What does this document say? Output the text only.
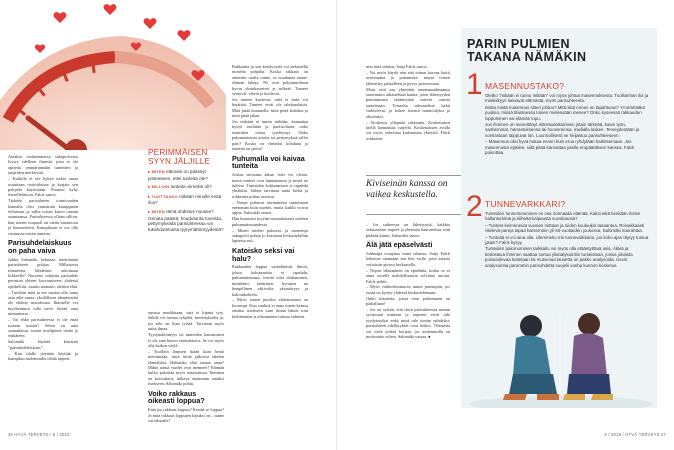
Ainakin vanhemmassa sukupolvessa löytyy edelleen ihmisiä, joita ei ole opitettu ymmärtämään tunteiden ja tarpeiden merkitystä.

– Kaikilla ei ole kykyä tutkia omaa osuuttaan ristiriidoissa ja korjata sen pohjalta käytöstään. Puuttuu kyky itsereflektioon, Falck sanoo.

Tärkeää parisuhteen toimivuuden kannalta olisi ymmärtää kumppanin erilaisuus ja sallia toisen kasvu omaan suuntaansa. Parisuhteessa ollaan silloin, kun toinen osapuoli on otettu huomioon ja kunnioitettu. Kumpikaan ei voi olla vastuussa toisen onnesta.

Parisuhdelaiskuus on paha vaiva

Jukka Salomäki kehottaa miettimään parisuhteen pohjaa. Millaisesta tilanteesta lähdettiin aikoinaan liikkeelle? Nuorena solmittu parisuhde perustuu yhteen kasvamiseen; yhdessä opiskeltiin, saatiin ammatti, alettiin elää.

– Tuolloin mitä ja me saattaa olla sama asia eikä omaa, yksilöllisen identiteettiä ole ehditty muodostaa. Ihmiselle voi myöhemmin tulla tarve löytää oma minuutensa.

– Tai ehkä parisuhteessa ei ole enää tosiaan asioita? Sekin on aina samanlaista, toisen mielipiteet tietää jo etukäteen.

Salomäki käyttää käsitettä ”parisuhdelaiskuus”.

– Kun tilalle jätetään käyttää ja kumpikin molemmilta tehdä tarpeet.

PERIMMÄISEN SYYN JÄLJILLE
▸ MITEN elämäni on päässyt pisteeseen, ettei tunteita ole?
▸ MILLOIN tunteita viimeksi oli?
▸ TUOTTAAKO mikään minulle enää iloa?
▸ MITEN tämä ohdistus nousee? Onnata päästä, houdutunta toveista, pettymyksistä parisuhteessa vai tukahdutetuista tyytymättömyydestä?

omissa murkkuaan, sinä ei kipinä syty. Sahde voi tuntua tyhjältä, merkitykseltä ja, jos seki on liian tylsää. Tarvitaan myös uutta ilmaa.

Tyytymättömyys tai tunteiden katoaminen ei ole aina huono ennustettava. Se voi myös olla kaiken väylä.

– Tuolloin ihmisen ikään kuin herää miettimään, mitä minä jatkossa tahdon elämältäni. Haluanko elää samaa rataa? Mihin nämä vuodet ovat menneet? Elämän kulku pakottaa myös maastansaa. Ihminen on kasvattava, tulkava enemmän omaksi itsekseen, Salomäki pohtii.

Voiko rakkaus oikeasti loppua?

Entä jos rakkaus loppuu? Kestää se loppua? Ja mitä rakkaus loppujen lopuksi on – tunne vai tahtotila?

Rakkautta ja sen kestävyyttä voi tarkastella monelta pohjalta. Koska rakkaus on aineiden osalta tunne, se noudattaa tunne-elämän lakeja. Ne ovat pohjimmiltaan hyvin yksinkertaiset ja selkeät. Tunteet syntyvät, elävät ja kuolevat.

Jos tunteet kuolevat, niitä ei enää voi herättää. Tunteet eivät ole tahdonalaisia. Mitä pitää kuunnella, mitä pitää kohdata ja mitä pitää jakaa.

Jos mikään ei tunnu miltään, kannattaa kysyä itseltään ja puolisoltaan, onko tunteiden virtaa tyrehtynyt. Onko puhumattomia asioita tai pettymyksiä tullut pato? Koska on viimeksi kohdattu ja tunteita on jaettu?

Puhumalla voi kaivaa tunteita

Joskus tarvitaan aikaa, ettei voi olvtaa, missä tunteet ovat haastamassa ja mistä ne tulevat. Tunteiden kohtaaminen ei tapahdu yhtäkkiä. Siihen tarvitaan uutta kieltä ja rohkeutta puhua asioista.

– Naiset puhuvat useimmiten tunteistaan enemmän kuin miehet, mutta kaikki voivat oppia, Salomäki sanoo.

Hän kumoaisi myytin suomalaisesta miehen puhumattomuudesta.

– Monet miehet puhuvat, ja nuorempi sukupolvi puhuu jo kasvanut keskusteluihin lapsesta asti.

Katoisko seksi vai halu?

Rakkauden loppua vauhdittavat ilmiöt, joissa kohtaamista ei tapahdu, puhumattomuus, itsestä totta ohittaminen, mitätöinti, henkinen, fyysinen tai hengellinen väkivalta, yksinäisyys ja kaltoinkohtelu.

– Myös toinen puoliso ehdottomasti on kovempi. Kun vauhtia ei anna toisen kanssa omaksi itsekseen vaan ilman häntä, niin kieltäminen ja alistaminen tuhoaa suhteen.

niin mitä tahdon, Saija Falck sanoo.

– Voi myös käydä niin että toinen kasvaa kuitti avoimuutta ja puhumista, mutta toinen jähmettyy paikalleen ja pysyy poterossaan.

Moni etsii saa yhteyden tunnemaailmaansa suorimmin rakasteluun kautta, joten läheisyyden puuttuminen etäännyttää mieviä omista tunteistaan. Toisaalta seksuaaliset halut vaihtelevat, ja kokee itsensä mitätöidyksi ja ohitetuksi.

– Kosketus ylläpitää rakkautta. Koskettuken kiellä kannatttaa varjella. Koskettaksen avulla voi myös vahvistaa kadonnutta yhteyttä. Falck rohkaisee.

Kiviseinän kanssa on vaikea keskustella.

– Jos suhteessa on läheisyyttä, kaikkia seksuaaliset tarpeet ja yhteinen hauruteiista, niin pitäkää kiinni, Salomäki sanoo.

Älä jätä epäselvästi

Jobbuapa eroajatus minä tahansa, Saija Falck kehottaa ottamaan sen heti esille, jotta asiasta voitaisiin ajoissa keskustella.

– Nopea lähteminen on epäeluha, koska se ei anna toiselle mahdollisuutta selvittää asioita. Falck pohtii.

– Myös vaihtoehtomuoto tunnit parempiin, jos eroaa on kyetty yhdessä keskustelemaan.

Onko tilanteita, joissa eron pohtiminen on paikallaan?

– Jos on selvää, että tässä parisuhteessa minun syvimmät tunteeni ja tarpeeni eivät tule tyydytetyiksi enkä minä tule itseäni nähdyksi, parisuhteen edellytykset ovat heikot. Tilanteita voi vielä yrittää korjata, jos molemmilla on motivaatio siihen, Salomäki vastaa. ●

PARIN PULMIEN
TAKANA NÄMÄKIN
1 MASENNUSTAKO?

Oletko ”mikään ei tunnu miltään” voi myös johtua masennuksesta. Tuolloinhan iloi ja mielekkyys katoavat elämästä, myös parisuhteesta.

Mutta mistä masennus sitten johtuu? Mitä siitä ennen on tapahtunut? Ymmärtääkö puoliso, missä tilanteessa toinen mielessään menee? Onko kyseessä rakkauden loppuminen vai elämän lopu.

Jos ihminen on menettänyt elämäodottamisen jotain tärkeää, kuten työn, vanhemmat, harrastuksensa tai hoovereinsa, mielialla laskee. Terveydestään ja voimastaan taippuvat lon. Luonnollisesti se heijastuu parisuhteeseen.

– Masennus olisi hyvä hoitaa ennen kuin eroa ryhdytään harkitsemaan. Jos masennusta epäilee, siitä pitää kannattaa jutella eropäätöksen kanssa, Falck painottaa.

2 TUNNEVARKKARI?

Tunteiden tunnemenminen on osa normaalia elämää. Kaksi eikä kenkään iloitse halluntuminta ja kiiheää kaipausta vuosikausia?

– Tunteet keimenevat vuosien mittaan ja niiden kuuluukin tasaantua. Roivakkaasti riitelevä pareja tapaa harvemmin yli 60-vuotiaiden joukossa, Salomäki naurahtaa.

– Tunteita ei voi aina olla. Ulemmeko me tunnevarkkaria, jos koko ajan täytyy tuntua jotain? Falck kysyy.

Tunteiden pakonominen tarkkailu voi myös olla etääntyttävä asia. Äkkiä ja tiedostava ihminen saattaa sortua ylianalysointiin tunteistaan, joissa jokaista poissaolevaa koitetaan tai mutsevaa lausetta on pakko analysoida. Usein analysointia paremmin parisuhdetta suojelii vanha kunnon kosketus.

26 HYVÄ TERVEYS / 8 / 2019	8 / 2019 / HYVÄ TERVEYS 27
